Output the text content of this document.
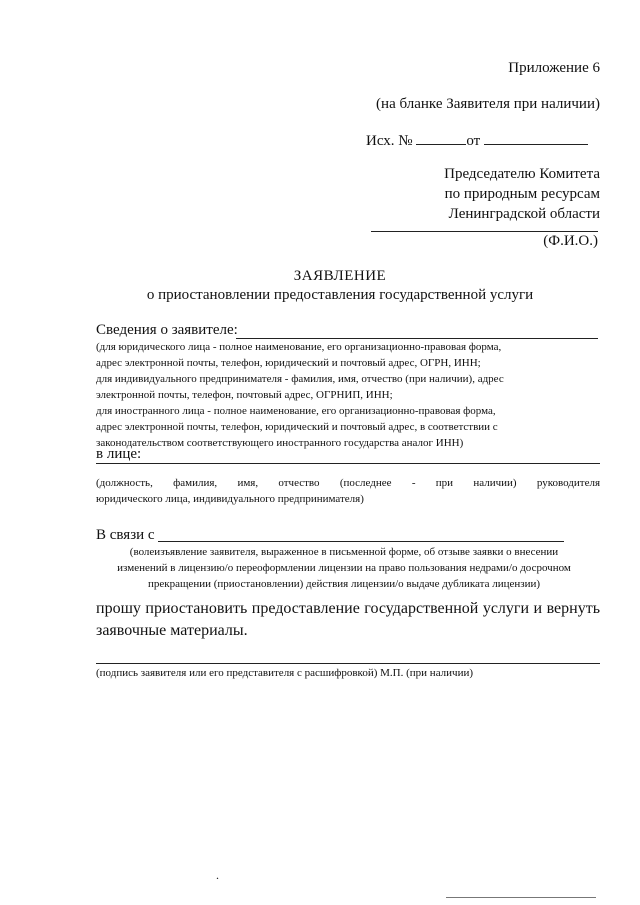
Приложение 6
(на бланке Заявителя при наличии)
Исх. №	от
Председателю Комитета
по природным ресурсам
Ленинградской области
(Ф.И.О.)
ЗАЯВЛЕНИЕ
о приостановлении предоставления государственной услуги
Сведения о заявителе:
(для юридического лица - полное наименование, его организационно-правовая форма,
адрес электронной почты, телефон, юридический и почтовый адрес, ОГРН, ИНН;
для индивидуального предпринимателя - фамилия, имя, отчество (при наличии), адрес
электронной почты, телефон, почтовый адрес, ОГРНИП, ИНН;
для иностранного лица - полное наименование, его организационно-правовая форма,
адрес электронной почты, телефон, юридический и почтовый адрес, в соответствии с
законодательством соответствующего иностранного государства аналог ИНН)
в лице:
(должность, фамилия, имя, отчество (последнее - при наличии) руководителя
юридического лица, индивидуального предпринимателя)
В связи с
(волеизъявление заявителя, выраженное в письменной форме, об отзыве заявки о внесении
изменений в лицензию/о переоформлении лицензии на право пользования недрами/о досрочном
прекращении (приостановлении) действия лицензии/о выдаче дубликата лицензии)
прошу приостановить предоставление государственной услуги и вернуть
заявочные материалы.
(подпись заявителя или его представителя с расшифровкой) М.П. (при наличии)
.
